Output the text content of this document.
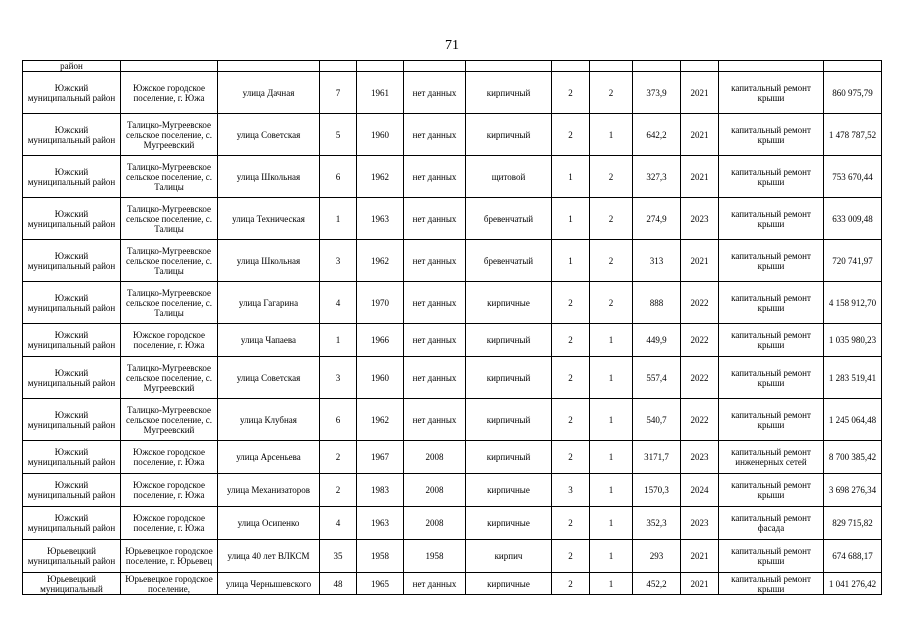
71
район												
Южский муниципальный район	Южское городское поселение, г. Южа	улица Дачная	7	1961	нет данных	кирпичный	2	2	373,9	2021	капитальный ремонт крыши	860 975,79
Южский муниципальный район	Талицко-Мугреевское сельское поселение, с. Мугреевский	улица Советская	5	1960	нет данных	кирпичный	2	1	642,2	2021	капитальный ремонт крыши	1 478 787,52
Южский муниципальный район	Талицко-Мугреевское сельское поселение, с. Талицы	улица Школьная	6	1962	нет данных	щитовой	1	2	327,3	2021	капитальный ремонт крыши	753 670,44
Южский муниципальный район	Талицко-Мугреевское сельское поселение, с. Талицы	улица Техническая	1	1963	нет данных	бревенчатый	1	2	274,9	2023	капитальный ремонт крыши	633 009,48
Южский муниципальный район	Талицко-Мугреевское сельское поселение, с. Талицы	улица Школьная	3	1962	нет данных	бревенчатый	1	2	313	2021	капитальный ремонт крыши	720 741,97
Южский муниципальный район	Талицко-Мугреевское сельское поселение, с. Талицы	улица Гагарина	4	1970	нет данных	кирпичные	2	2	888	2022	капитальный ремонт крыши	4 158 912,70
Южский муниципальный район	Южское городское поселение, г. Южа	улица Чапаева	1	1966	нет данных	кирпичный	2	1	449,9	2022	капитальный ремонт крыши	1 035 980,23
Южский муниципальный район	Талицко-Мугреевское сельское поселение, с. Мугреевский	улица Советская	3	1960	нет данных	кирпичный	2	1	557,4	2022	капитальный ремонт крыши	1 283 519,41
Южский муниципальный район	Талицко-Мугреевское сельское поселение, с. Мугреевский	улица Клубная	6	1962	нет данных	кирпичный	2	1	540,7	2022	капитальный ремонт крыши	1 245 064,48
Южский муниципальный район	Южское городское поселение, г. Южа	улица Арсеньева	2	1967	2008	кирпичный	2	1	3171,7	2023	капитальный ремонт инженерных сетей	8 700 385,42
Южский муниципальный район	Южское городское поселение, г. Южа	улица Механизаторов	2	1983	2008	кирпичные	3	1	1570,3	2024	капитальный ремонт крыши	3 698 276,34
Южский муниципальный район	Южское городское поселение, г. Южа	улица Осипенко	4	1963	2008	кирпичные	2	1	352,3	2023	капитальный ремонт фасада	829 715,82
Юрьевецкий муниципальный район	Юрьевецкое городское поселение, г. Юрьевец	улица 40 лет ВЛКСМ	35	1958	1958	кирпич	2	1	293	2021	капитальный ремонт крыши	674 688,17
Юрьевецкий муниципальный	Юрьевецкое городское поселение,	улица Чернышевского	48	1965	нет данных	кирпичные	2	1	452,2	2021	капитальный ремонт крыши	1 041 276,42
